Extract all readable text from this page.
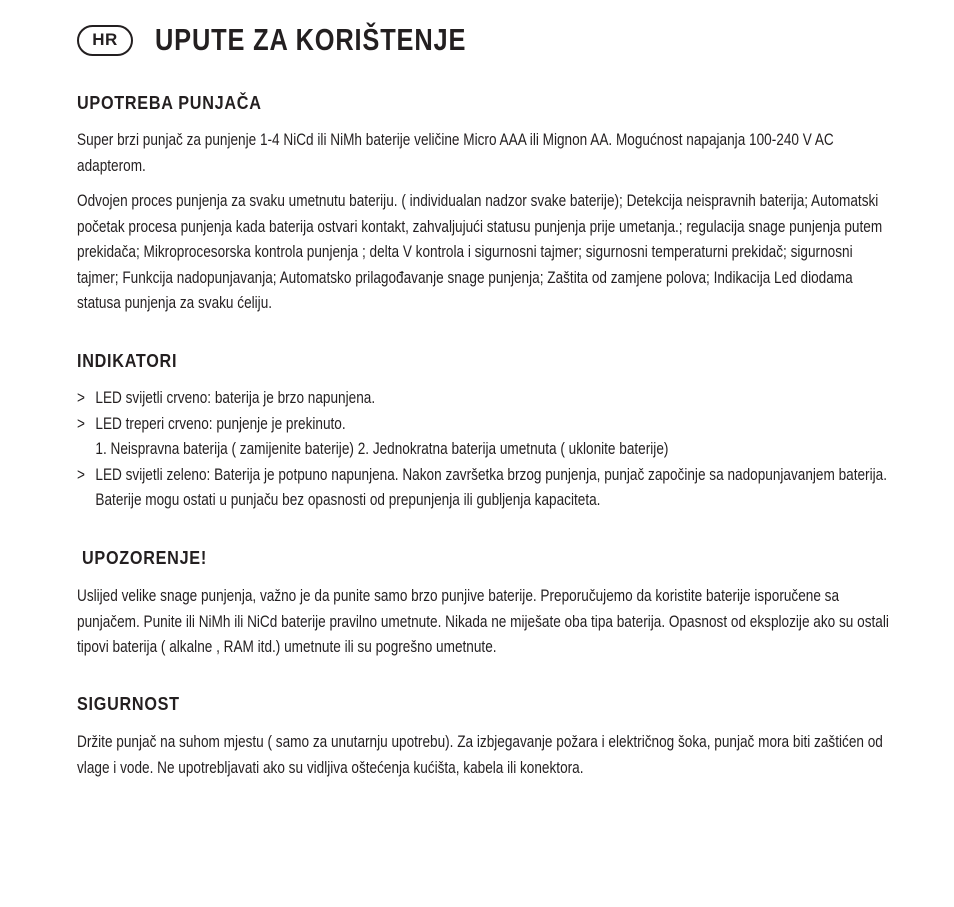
HR	UPUTE ZA KORIŠTENJE
UPOTREBA PUNJAČA

Super brzi punjač za punjenje 1-4 NiCd ili NiMh baterije veličine Micro AAA ili Mignon AA. Mogućnost napajanja 100-240 V AC adapterom.

Odvojen proces punjenja za svaku umetnutu bateriju. ( individualan nadzor svake baterije); Detekcija neispravnih baterija; Automatski početak procesa punjenja kada baterija ostvari kontakt, zahvaljujući statusu punjenja prije umetanja.; regulacija snage punjenja putem prekidača; Mikroprocesorska kontrola punjenja ; delta V kontrola i sigurnosni tajmer; sigurnosni temperaturni prekidač; sigurnosni tajmer; Funkcija nadopunjavanja; Automatsko prilagođavanje snage punjenja; Zaštita od zamjene polova; Indikacija Led diodama statusa punjenja za svaku ćeliju.

INDIKATORI
> LED svijetli crveno: baterija je brzo napunjena.
> LED treperi crveno: punjenje je prekinuto.
1. Neispravna baterija ( zamijenite baterije) 2. Jednokratna baterija umetnuta ( uklonite baterije)
> LED svijetli zeleno: Baterija je potpuno napunjena. Nakon završetka brzog punjenja, punjač započinje sa nadopunjavanjem baterija. Baterije mogu ostati u punjaču bez opasnosti od prepunjenja ili gubljenja kapaciteta.
UPOZORENJE!

Uslijed velike snage punjenja, važno je da punite samo brzo punjive baterije. Preporučujemo da koristite baterije isporučene sa punjačem. Punite ili NiMh ili NiCd baterije pravilno umetnute. Nikada ne miješate oba tipa baterija. Opasnost od eksplozije ako su ostali tipovi baterija ( alkalne , RAM itd.) umetnute ili su pogrešno umetnute.

SIGURNOST

Držite punjač na suhom mjestu ( samo za unutarnju upotrebu). Za izbjegavanje požara i električnog šoka, punjač mora biti zaštićen od vlage i vode. Ne upotrebljavati ako su vidljiva oštećenja kućišta, kabela ili konektora.
